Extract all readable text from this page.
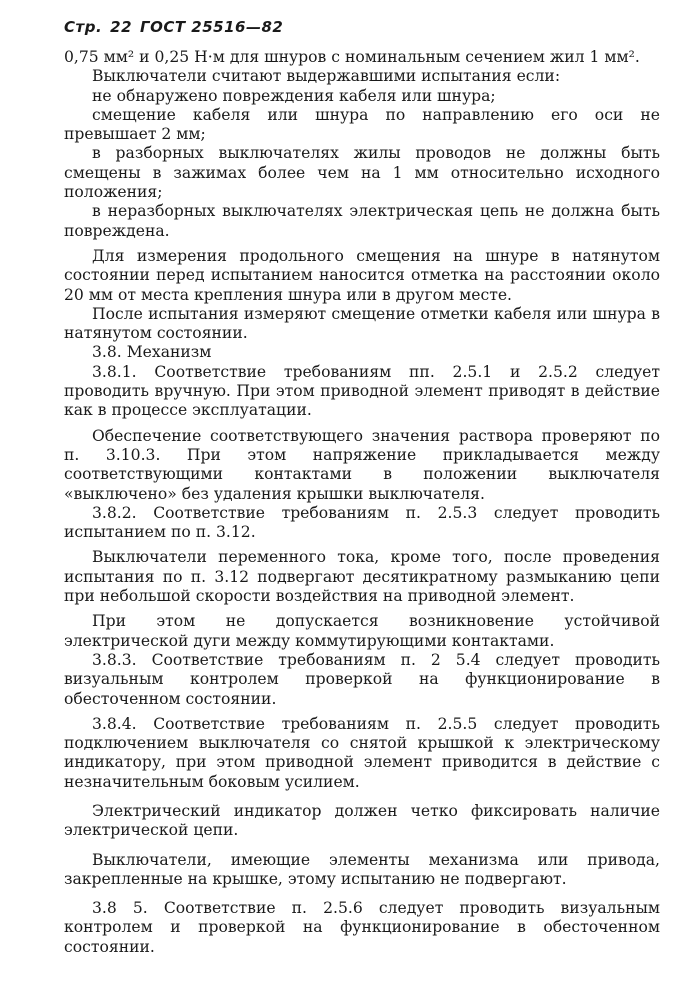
Стр. 22 ГОСТ 25516—82

0,75 мм² и 0,25 Н·м для шнуров с номинальным сечением жил 1 мм².

Выключатели считают выдержавшими испытания если:

не обнаружено повреждения кабеля или шнура;

смещение кабеля или шнура по направлению его оси не превышает 2 мм;

в разборных выключателях жилы проводов не должны быть смещены в зажимах более чем на 1 мм относительно исходного положения;

в неразборных выключателях электрическая цепь не должна быть повреждена.

Для измерения продольного смещения на шнуре в натянутом состоянии перед испытанием наносится отметка на расстоянии около 20 мм от места крепления шнура или в другом месте.

После испытания измеряют смещение отметки кабеля или шнура в натянутом состоянии.

3.8. Механизм

3.8.1. Соответствие требованиям пп. 2.5.1 и 2.5.2 следует проводить вручную. При этом приводной элемент приводят в действие как в процессе эксплуатации.

Обеспечение соответствующего значения раствора проверяют по п. 3.10.3. При этом напряжение прикладывается между соответствующими контактами в положении выключателя «выключено» без удаления крышки выключателя.

3.8.2. Соответствие требованиям п. 2.5.3 следует проводить испытанием по п. 3.12.

Выключатели переменного тока, кроме того, после проведения испытания по п. 3.12 подвергают десятикратному размыканию цепи при небольшой скорости воздействия на приводной элемент.

При этом не допускается возникновение устойчивой электрической дуги между коммутирующими контактами.

3.8.3. Соответствие требованиям п. 2 5.4 следует проводить визуальным контролем проверкой на функционирование в обесточенном состоянии.

3.8.4. Соответствие требованиям п. 2.5.5 следует проводить подключением выключателя со снятой крышкой к электрическому индикатору, при этом приводной элемент приводится в действие с незначительным боковым усилием.

Электрический индикатор должен четко фиксировать наличие электрической цепи.

Выключатели, имеющие элементы механизма или привода, закрепленные на крышке, этому испытанию не подвергают.

3.8 5. Соответствие п. 2.5.6 следует проводить визуальным контролем и проверкой на функционирование в обесточенном состоянии.
